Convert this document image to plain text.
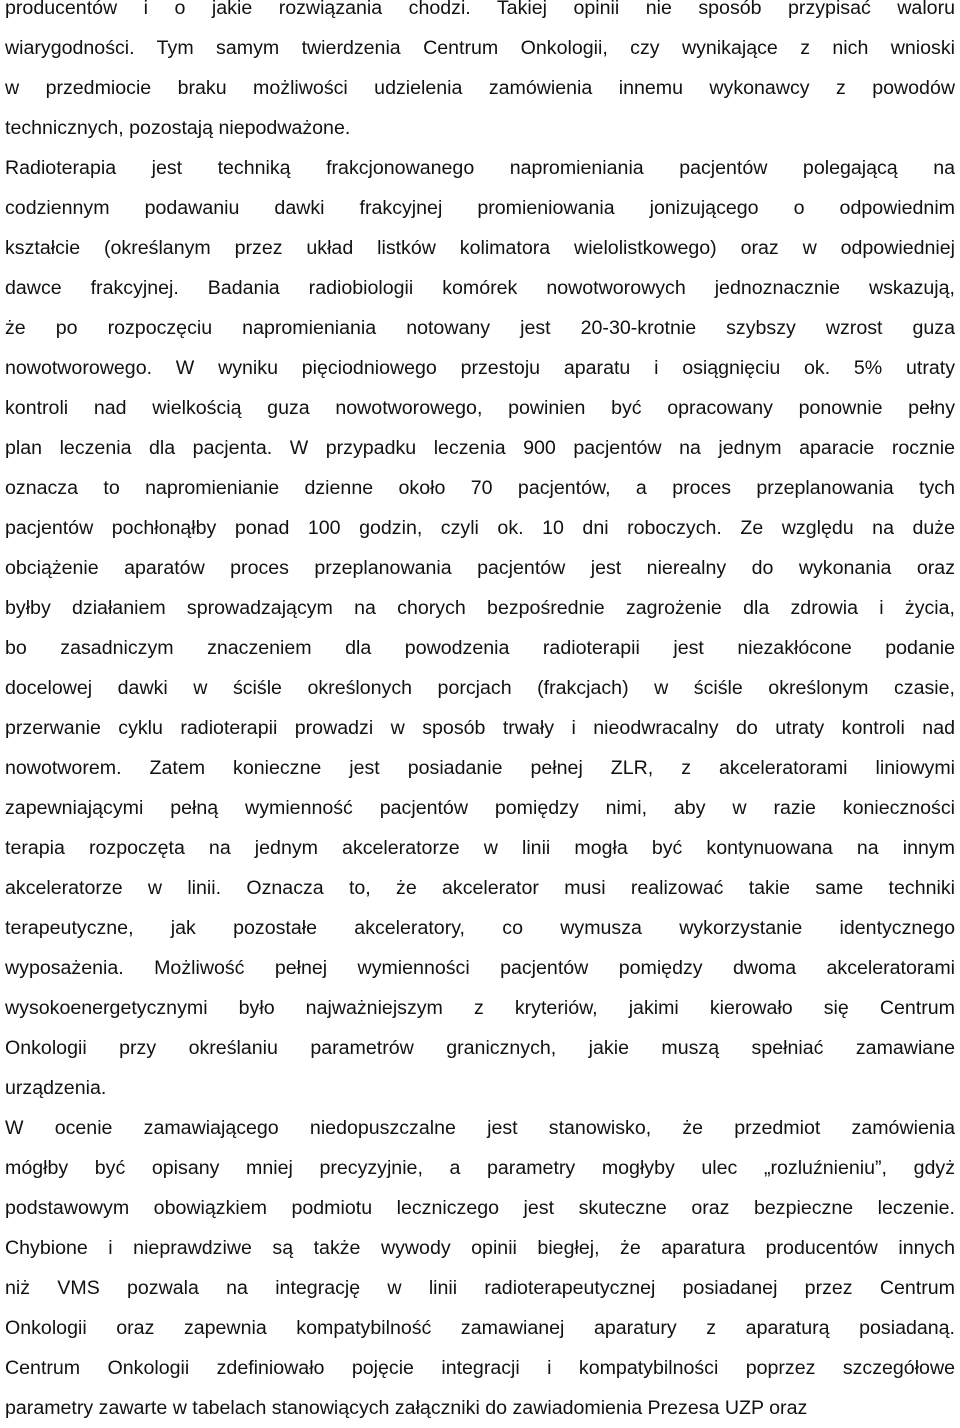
producentów i o jakie rozwiązania chodzi. Takiej opinii nie sposób przypisać waloru
wiarygodności. Tym samym twierdzenia Centrum Onkologii, czy wynikające z nich wnioski
w przedmiocie braku możliwości udzielenia zamówienia innemu wykonawcy z powodów
technicznych, pozostają niepodważone.
Radioterapia jest techniką frakcjonowanego napromieniania pacjentów polegającą na
codziennym podawaniu dawki frakcyjnej promieniowania jonizującego o odpowiednim
kształcie (określanym przez układ listków kolimatora wielolistkowego) oraz w odpowiedniej
dawce frakcyjnej. Badania radiobiologii komórek nowotworowych jednoznacznie wskazują,
że po rozpoczęciu napromieniania notowany jest 20-30-krotnie szybszy wzrost guza
nowotworowego. W wyniku pięciodniowego przestoju aparatu i osiągnięciu ok. 5% utraty
kontroli nad wielkością guza nowotworowego, powinien być opracowany ponownie pełny
plan leczenia dla pacjenta. W przypadku leczenia 900 pacjentów na jednym aparacie rocznie
oznacza to napromienianie dzienne około 70 pacjentów, a proces przeplanowania tych
pacjentów pochłonąłby ponad 100 godzin, czyli ok. 10 dni roboczych. Ze względu na duże
obciążenie aparatów proces przeplanowania pacjentów jest nierealny do wykonania oraz
byłby działaniem sprowadzającym na chorych bezpośrednie zagrożenie dla zdrowia i życia,
bo zasadniczym znaczeniem dla powodzenia radioterapii jest niezakłócone podanie
docelowej dawki w ściśle określonych porcjach (frakcjach) w ściśle określonym czasie,
przerwanie cyklu radioterapii prowadzi w sposób trwały i nieodwracalny do utraty kontroli nad
nowotworem. Zatem konieczne jest posiadanie pełnej ZLR, z akceleratorami liniowymi
zapewniającymi pełną wymienność pacjentów pomiędzy nimi, aby w razie konieczności
terapia rozpoczęta na jednym akceleratorze w linii mogła być kontynuowana na innym
akceleratorze w linii. Oznacza to, że akcelerator musi realizować takie same techniki
terapeutyczne, jak pozostałe akceleratory, co wymusza wykorzystanie identycznego
wyposażenia. Możliwość pełnej wymienności pacjentów pomiędzy dwoma akceleratorami
wysokoenergetycznymi było najważniejszym z kryteriów, jakimi kierowało się Centrum
Onkologii przy określaniu parametrów granicznych, jakie muszą spełniać zamawiane
urządzenia.
W ocenie zamawiającego niedopuszczalne jest stanowisko, że przedmiot zamówienia
mógłby być opisany mniej precyzyjnie, a parametry mogłyby ulec „rozluźnieniu”, gdyż
podstawowym obowiązkiem podmiotu leczniczego jest skuteczne oraz bezpieczne leczenie.
Chybione i nieprawdziwe są także wywody opinii biegłej, że aparatura producentów innych
niż VMS pozwala na integrację w linii radioterapeutycznej posiadanej przez Centrum
Onkologii oraz zapewnia kompatybilność zamawianej aparatury z aparaturą posiadaną.
Centrum Onkologii zdefiniowało pojęcie integracji i kompatybilności poprzez szczegółowe
parametry zawarte w tabelach stanowiących załączniki do zawiadomienia Prezesa UZP oraz
